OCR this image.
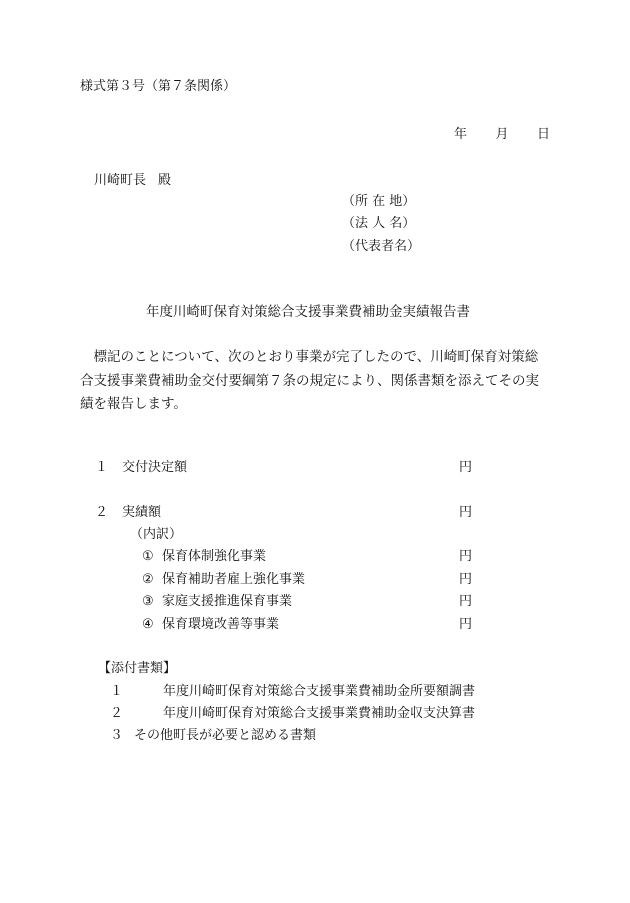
様式第３号（第７条関係）
年 月 日
川崎町長 殿
（所 在 地）
（法 人 名）
（代表者名）
年度川崎町保育対策総合支援事業費補助金実績報告書
　標記のことについて、次のとおり事業が完了したので、川崎町保育対策総
合支援事業費補助金交付要綱第７条の規定により、関係書類を添えてその実
績を報告します。
１ 交付決定額	円
２ 実績額	円
（内訳）
① 保育体制強化事業	円
② 保育補助者雇上強化事業	円
③ 家庭支援推進保育事業	円
④ 保育環境改善等事業	円
【添付書類】
１	年度川崎町保育対策総合支援事業費補助金所要額調書
２	年度川崎町保育対策総合支援事業費補助金収支決算書
３ その他町長が必要と認める書類
